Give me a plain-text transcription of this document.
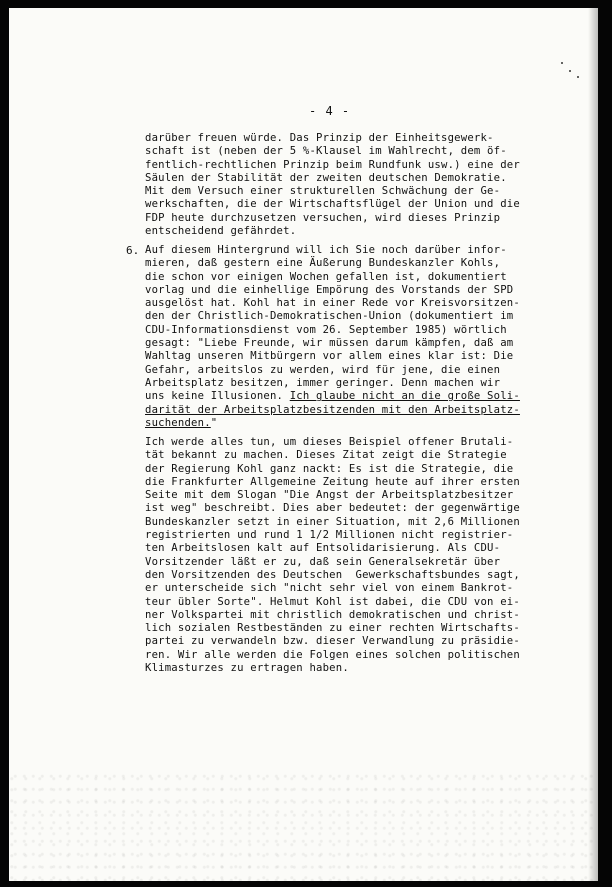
- 4 -
darüber freuen würde. Das Prinzip der Einheitsgewerk-
schaft ist (neben der 5 %-Klausel im Wahlrecht, dem öf-
fentlich-rechtlichen Prinzip beim Rundfunk usw.) eine der
Säulen der Stabilität der zweiten deutschen Demokratie.
Mit dem Versuch einer strukturellen Schwächung der Ge-
werkschaften, die der Wirtschaftsflügel der Union und die
FDP heute durchzusetzen versuchen, wird dieses Prinzip
entscheidend gefährdet.
6. Auf diesem Hintergrund will ich Sie noch darüber infor-
mieren, daß gestern eine Äußerung Bundeskanzler Kohls,
die schon vor einigen Wochen gefallen ist, dokumentiert
vorlag und die einhellige Empörung des Vorstands der SPD
ausgelöst hat. Kohl hat in einer Rede vor Kreisvorsitzen-
den der Christlich-Demokratischen-Union (dokumentiert im
CDU-Informationsdienst vom 26. September 1985) wörtlich
gesagt: "Liebe Freunde, wir müssen darum kämpfen, daß am
Wahltag unseren Mitbürgern vor allem eines klar ist: Die
Gefahr, arbeitslos zu werden, wird für jene, die einen
Arbeitsplatz besitzen, immer geringer. Denn machen wir
uns keine Illusionen. Ich glaube nicht an die große Soli-
darität der Arbeitsplatzbesitzenden mit den Arbeitsplatz-
suchenden."
Ich werde alles tun, um dieses Beispiel offener Brutali-
tät bekannt zu machen. Dieses Zitat zeigt die Strategie
der Regierung Kohl ganz nackt: Es ist die Strategie, die
die Frankfurter Allgemeine Zeitung heute auf ihrer ersten
Seite mit dem Slogan "Die Angst der Arbeitsplatzbesitzer
ist weg" beschreibt. Dies aber bedeutet: der gegenwärtige
Bundeskanzler setzt in einer Situation, mit 2,6 Millionen
registrierten und rund 1 1/2 Millionen nicht registrier-
ten Arbeitslosen kalt auf Entsolidarisierung. Als CDU-
Vorsitzender läßt er zu, daß sein Generalsekretär über
den Vorsitzenden des Deutschen  Gewerkschaftsbundes sagt,
er unterscheide sich "nicht sehr viel von einem Bankrot-
teur übler Sorte". Helmut Kohl ist dabei, die CDU von ei-
ner Volkspartei mit christlich demokratischen und christ-
lich sozialen Restbeständen zu einer rechten Wirtschafts-
partei zu verwandeln bzw. dieser Verwandlung zu präsidie-
ren. Wir alle werden die Folgen eines solchen politischen
Klimasturzes zu ertragen haben.
